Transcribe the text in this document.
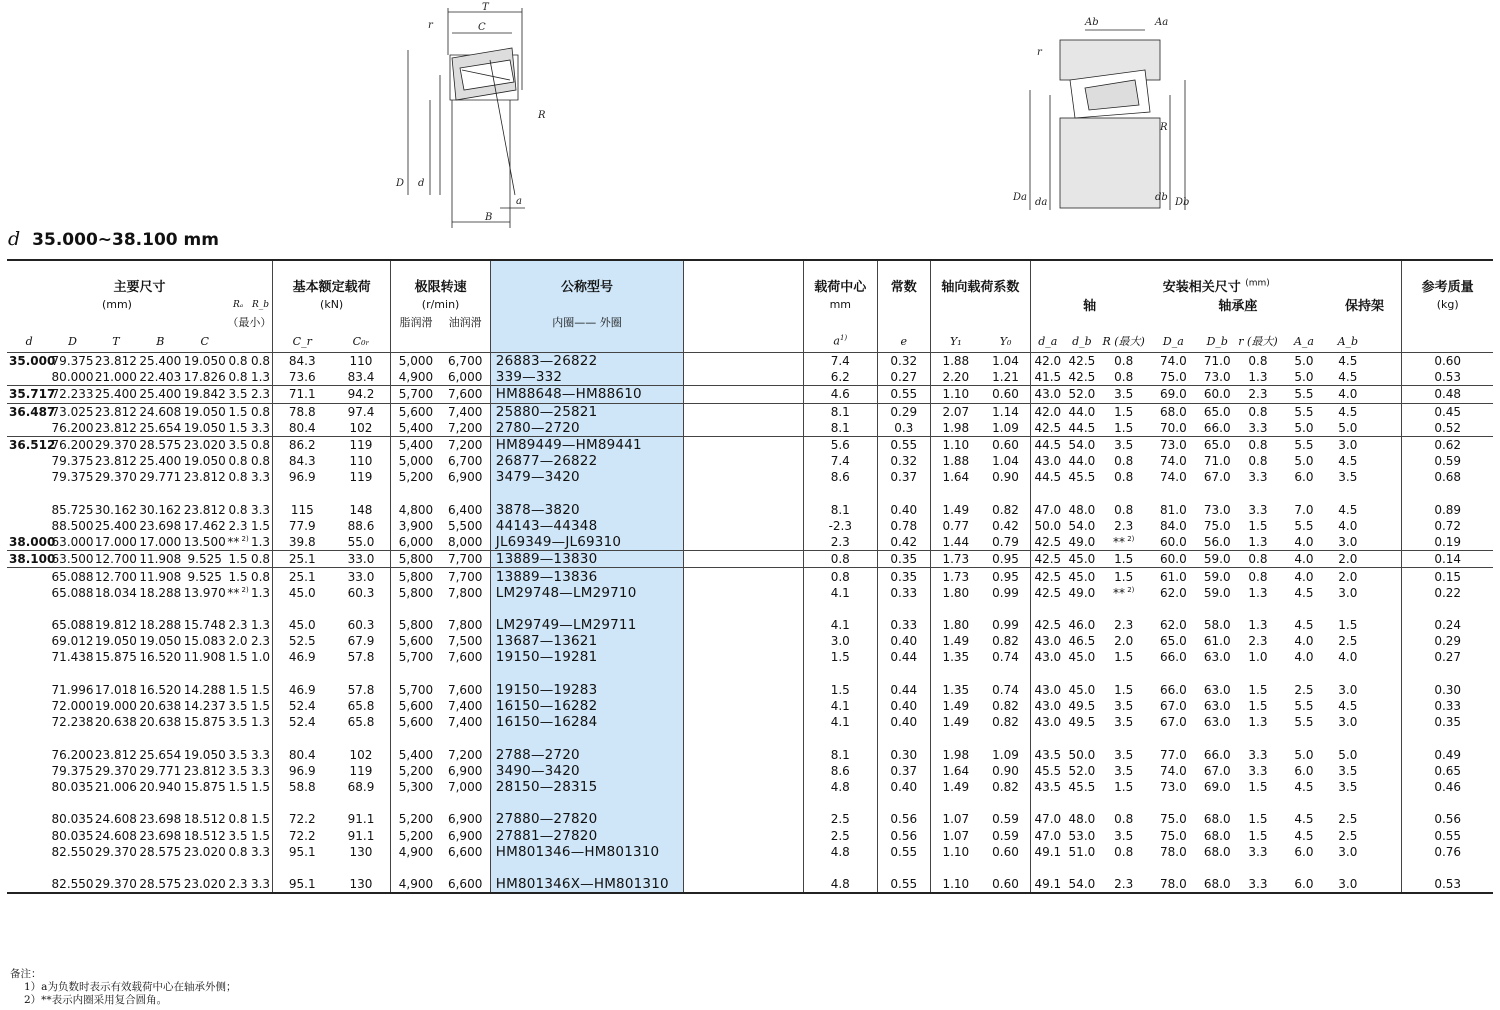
T
C
r
R
D d
a
B
Ab	Aa
r
R
Da da	db Db
d 35.000~38.100 mm
主要尺寸							基本额定载荷		极限转速		公称型号		载荷中心	常数	轴向载荷系数		安装相关尺寸 $^{(mm)}$									参考质量
(mm)					Rₐ	R_b	(kN)		(r/min)				mm				轴			轴承座				保持架		(kg)
					（最小）				脂润滑	油润滑	内圈—— 外圈															
d	D	T	B	C			C_r	C₀ᵣ					$a^{1)}$	e	Y₁	Y₀	d_a	d_b	R (最大)	D_a	D_b	r (最大)	A_a	A_b		
35.000	79.375	23.812	25.400	19.050	0.8	0.8	84.3	110	5,000	6,700	26883—26822		7.4	0.32	1.88	1.04	42.0	42.5	0.8	74.0	71.0	0.8	5.0	4.5		0.60
	80.000	21.000	22.403	17.826	0.8	1.3	73.6	83.4	4,900	6,000	339—332		6.2	0.27	2.20	1.21	41.5	42.5	0.8	75.0	73.0	1.3	5.0	4.5		0.53
35.717	72.233	25.400	25.400	19.842	3.5	2.3	71.1	94.2	5,700	7,600	HM88648—HM88610		4.6	0.55	1.10	0.60	43.0	52.0	3.5	69.0	60.0	2.3	5.5	4.0		0.48
36.487	73.025	23.812	24.608	19.050	1.5	0.8	78.8	97.4	5,600	7,400	25880—25821		8.1	0.29	2.07	1.14	42.0	44.0	1.5	68.0	65.0	0.8	5.5	4.5		0.45
	76.200	23.812	25.654	19.050	1.5	3.3	80.4	102	5,400	7,200	2780—2720		8.1	0.3	1.98	1.09	42.5	44.5	1.5	70.0	66.0	3.3	5.0	5.0		0.52
36.512	76.200	29.370	28.575	23.020	3.5	0.8	86.2	119	5,400	7,200	HM89449—HM89441		5.6	0.55	1.10	0.60	44.5	54.0	3.5	73.0	65.0	0.8	5.5	3.0		0.62
	79.375	23.812	25.400	19.050	0.8	0.8	84.3	110	5,000	6,700	26877—26822		7.4	0.32	1.88	1.04	43.0	44.0	0.8	74.0	71.0	0.8	5.0	4.5		0.59
	79.375	29.370	29.771	23.812	0.8	3.3	96.9	119	5,200	6,900	3479—3420		8.6	0.37	1.64	0.90	44.5	45.5	0.8	74.0	67.0	3.3	6.0	3.5		0.68

	85.725	30.162	30.162	23.812	0.8	3.3	115	148	4,800	6,400	3878—3820		8.1	0.40	1.49	0.82	47.0	48.0	0.8	81.0	73.0	3.3	7.0	4.5		0.89
	88.500	25.400	23.698	17.462	2.3	1.5	77.9	88.6	3,900	5,500	44143—44348		-2.3	0.78	0.77	0.42	50.0	54.0	2.3	84.0	75.0	1.5	5.5	4.0		0.72
38.000	63.000	17.000	17.000	13.500	** $^{2)}$	1.3	39.8	55.0	6,000	8,000	JL69349—JL69310		2.3	0.42	1.44	0.79	42.5	49.0	** $^{2)}$	60.0	56.0	1.3	4.0	3.0		0.19
38.100	63.500	12.700	11.908	9.525	1.5	0.8	25.1	33.0	5,800	7,700	13889—13830		0.8	0.35	1.73	0.95	42.5	45.0	1.5	60.0	59.0	0.8	4.0	2.0		0.14
	65.088	12.700	11.908	9.525	1.5	0.8	25.1	33.0	5,800	7,700	13889—13836		0.8	0.35	1.73	0.95	42.5	45.0	1.5	61.0	59.0	0.8	4.0	2.0		0.15
	65.088	18.034	18.288	13.970	** $^{2)}$	1.3	45.0	60.3	5,800	7,800	LM29748—LM29710		4.1	0.33	1.80	0.99	42.5	49.0	** $^{2)}$	62.0	59.0	1.3	4.5	3.0		0.22

	65.088	19.812	18.288	15.748	2.3	1.3	45.0	60.3	5,800	7,800	LM29749—LM29711		4.1	0.33	1.80	0.99	42.5	46.0	2.3	62.0	58.0	1.3	4.5	1.5		0.24
	69.012	19.050	19.050	15.083	2.0	2.3	52.5	67.9	5,600	7,500	13687—13621		3.0	0.40	1.49	0.82	43.0	46.5	2.0	65.0	61.0	2.3	4.0	2.5		0.29
	71.438	15.875	16.520	11.908	1.5	1.0	46.9	57.8	5,700	7,600	19150—19281		1.5	0.44	1.35	0.74	43.0	45.0	1.5	66.0	63.0	1.0	4.0	4.0		0.27

	71.996	17.018	16.520	14.288	1.5	1.5	46.9	57.8	5,700	7,600	19150—19283		1.5	0.44	1.35	0.74	43.0	45.0	1.5	66.0	63.0	1.5	2.5	3.0		0.30
	72.000	19.000	20.638	14.237	3.5	1.5	52.4	65.8	5,600	7,400	16150—16282		4.1	0.40	1.49	0.82	43.0	49.5	3.5	67.0	63.0	1.5	5.5	4.5		0.33
	72.238	20.638	20.638	15.875	3.5	1.3	52.4	65.8	5,600	7,400	16150—16284		4.1	0.40	1.49	0.82	43.0	49.5	3.5	67.0	63.0	1.3	5.5	3.0		0.35

	76.200	23.812	25.654	19.050	3.5	3.3	80.4	102	5,400	7,200	2788—2720		8.1	0.30	1.98	1.09	43.5	50.0	3.5	77.0	66.0	3.3	5.0	5.0		0.49
	79.375	29.370	29.771	23.812	3.5	3.3	96.9	119	5,200	6,900	3490—3420		8.6	0.37	1.64	0.90	45.5	52.0	3.5	74.0	67.0	3.3	6.0	3.5		0.65
	80.035	21.006	20.940	15.875	1.5	1.5	58.8	68.9	5,300	7,000	28150—28315		4.8	0.40	1.49	0.82	43.5	45.5	1.5	73.0	69.0	1.5	4.5	3.5		0.46

	80.035	24.608	23.698	18.512	0.8	1.5	72.2	91.1	5,200	6,900	27880—27820		2.5	0.56	1.07	0.59	47.0	48.0	0.8	75.0	68.0	1.5	4.5	2.5		0.56
	80.035	24.608	23.698	18.512	3.5	1.5	72.2	91.1	5,200	6,900	27881—27820		2.5	0.56	1.07	0.59	47.0	53.0	3.5	75.0	68.0	1.5	4.5	2.5		0.55
	82.550	29.370	28.575	23.020	0.8	3.3	95.1	130	4,900	6,600	HM801346—HM801310		4.8	0.55	1.10	0.60	49.1	51.0	0.8	78.0	68.0	3.3	6.0	3.0		0.76

	82.550	29.370	28.575	23.020	2.3	3.3	95.1	130	4,900	6,600	HM801346X—HM801310		4.8	0.55	1.10	0.60	49.1	54.0	2.3	78.0	68.0	3.3	6.0	3.0		0.53
备注：
1）a为负数时表示有效载荷中心在轴承外侧；
2）**表示内圈采用复合圆角。
